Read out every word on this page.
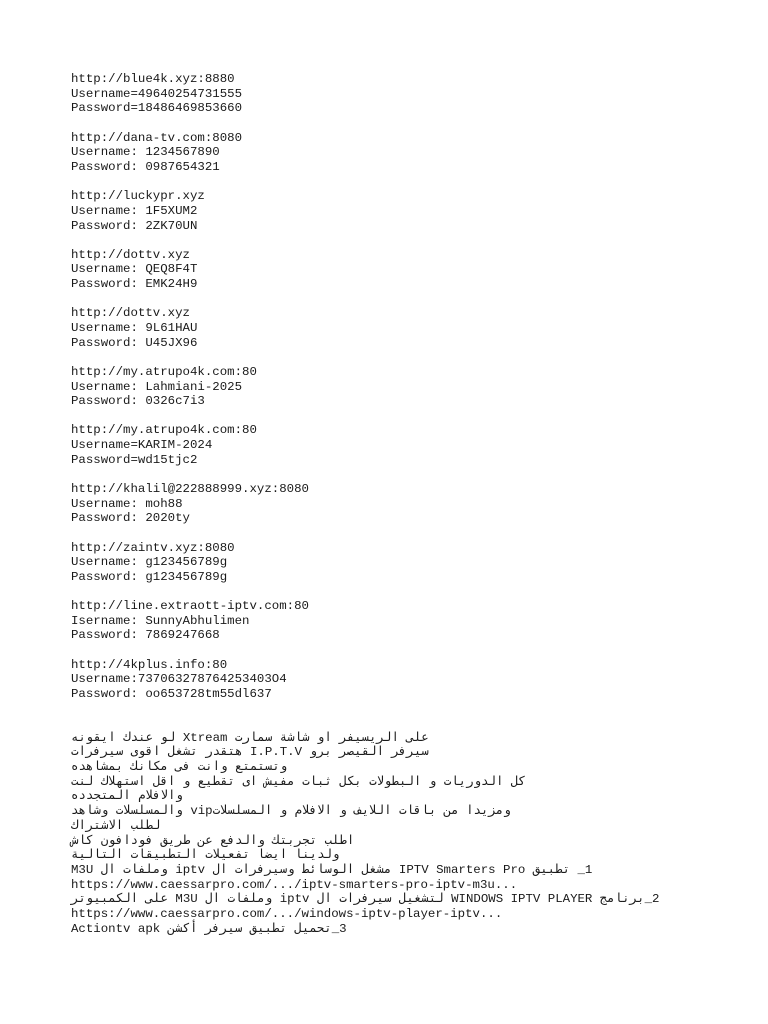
http://blue4k.xyz:8880
Username=49640254731555
Password=18486469853660
http://dana-tv.com:8080
Username: 1234567890
Password: 0987654321
http://luckypr.xyz
Username: 1F5XUM2
Password: 2ZK70UN
http://dottv.xyz
Username: QEQ8F4T
Password: EMK24H9
http://dottv.xyz
Username: 9L61HAU
Password: U45JX96
http://my.atrupo4k.com:80
Username: Lahmiani-2025
Password: 0326c7i3
http://my.atrupo4k.com:80
Username=KARIM-2024
Password=wd15tjc2
http://khalil@222888999.xyz:8080
Username: moh88
Password: 2020ty
http://zaintv.xyz:8080
Username: g123456789g
Password: g123456789g
http://line.extraott-iptv.com:80
Isername: SunnyAbhulimen
Password: 7869247668
http://4kplus.info:80
Username:737063278764253403O4
Password: oo653728tm55dl637
على الريسيفر او شاشة سمارت Xtream لو عندك ايقونه
سيرفر القيصر برو I.P.T.V هتقدر تشغل اقوى سيرفرات
وتستمتع وانت فى مكانك بمشاهده
كل الدوريات و البطولات بكل ثبات مفيش اى تقطيع و اقل استهلاك لنت
والافلام المتجدده
ومزيدا من باقات اللايف و الافلام و المسلسلاتvip والمسلسلات وشاهد
لطلب الاشتراك
اطلب تجربتك والدفع عن طريق فودافون كاش
ولدينا ايضا تفعيلات التطبيقات التالية
1_ تطبيق IPTV Smarters Pro مشغل الوسائط وسيرفرات ال iptv وملفات ال M3U
https://www.caessarpro.com/.../iptv-smarters-pro-iptv-m3u...
2_برنامج WINDOWS IPTV PLAYER لتشغيل سيرفرات ال iptv وملفات ال M3U على الكمبيوتر
https://www.caessarpro.com/.../windows-iptv-player-iptv...
3_تحميل تطبيق سيرفر أكشن Actiontv apk
